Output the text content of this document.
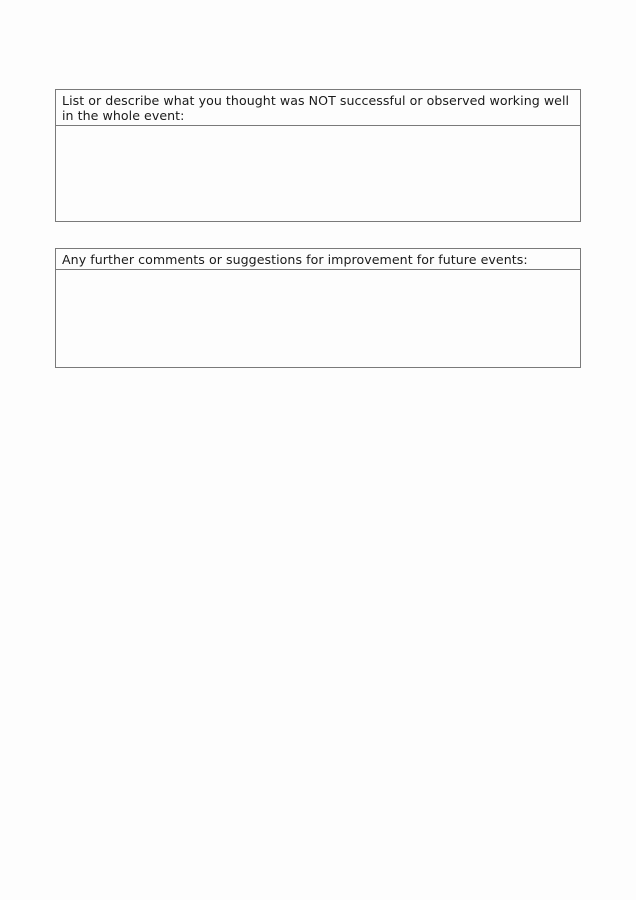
List or describe what you thought was NOT successful or observed working well in the whole event:
Any further comments or suggestions for improvement for future events:
